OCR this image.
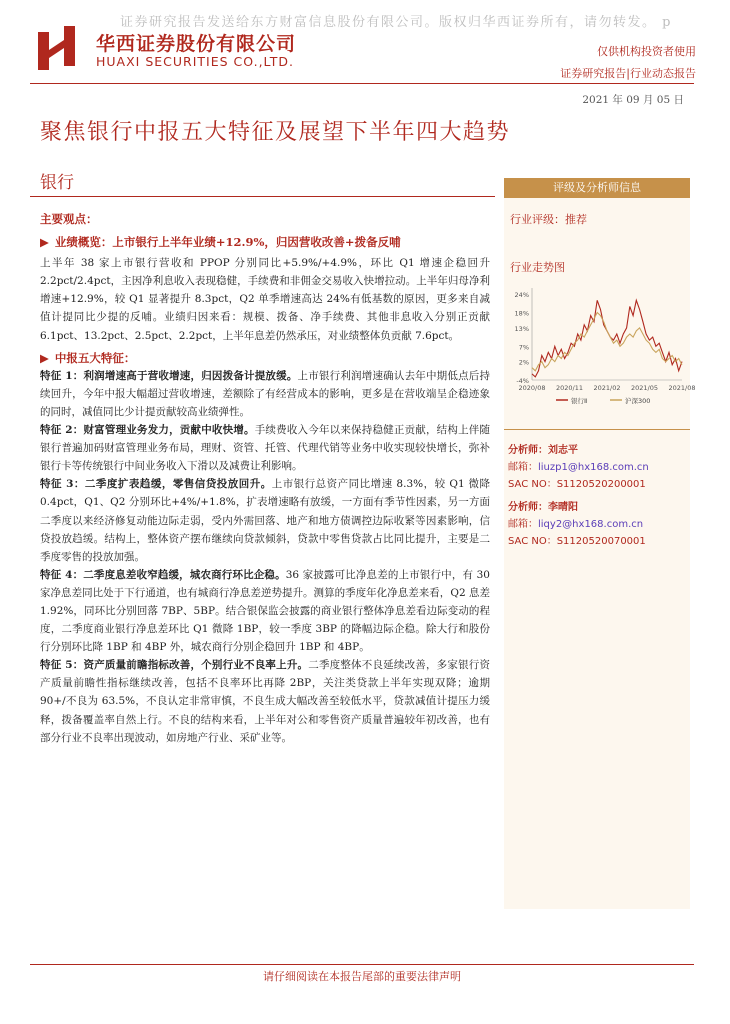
证券研究报告发送给东方财富信息股份有限公司。版权归华西证券所有，请勿转发。 p
华西证券股份有限公司
HUAXI SECURITIES CO.,LTD.
仅供机构投资者使用
证券研究报告|行业动态报告
2021 年 09 月 05 日
聚焦银行中报五大特征及展望下半年四大趋势
银行
主要观点：
▶ 业绩概览：上市银行上半年业绩+12.9%，归因营收改善+拨备反哺

上半年 38 家上市银行营收和 PPOP 分别同比+5.9%/+4.9%，环比 Q1 增速企稳回升 2.2pct/2.4pct，主因净利息收入表现稳健，手续费和非佣金交易收入快增拉动。上半年归母净利增速+12.9%，较 Q1 显著提升 8.3pct，Q2 单季增速高达 24%有低基数的原因，更多来自减值计提同比少提的反哺。业绩归因来看：规模、拨备、净手续费、其他非息收入分别正贡献 6.1pct、13.2pct、2.5pct、2.2pct，上半年息差仍然承压，对业绩整体负贡献 7.6pct。

▶ 中报五大特征：

特征 1：利润增速高于营收增速，归因拨备计提放缓。上市银行利润增速确认去年中期低点后持续回升，今年中报大幅超过营收增速，差额除了有经营成本的影响，更多是在营收端呈企稳迹象的同时，减值同比少计提贡献较高业绩弹性。

特征 2：财富管理业务发力，贡献中收快增。手续费收入今年以来保持稳健正贡献，结构上伴随银行普遍加码财富管理业务布局，理财、资管、托管、代理代销等业务中收实现较快增长，弥补银行卡等传统银行中间业务收入下滑以及减费让利影响。

特征 3：二季度扩表趋缓，零售信贷投放回升。上市银行总资产同比增速 8.3%，较 Q1 微降 0.4pct，Q1、Q2 分别环比+4%/+1.8%，扩表增速略有放缓，一方面有季节性因素，另一方面二季度以来经济修复动能边际走弱，受内外需回落、地产和地方债调控边际收紧等因素影响，信贷投放趋缓。结构上，整体资产摆布继续向贷款倾斜，贷款中零售贷款占比同比提升，主要是二季度零售的投放加强。

特征 4：二季度息差收窄趋缓，城农商行环比企稳。36 家披露可比净息差的上市银行中，有 30 家净息差同比处于下行通道，也有城商行净息差逆势提升。测算的季度年化净息差来看，Q2 息差 1.92%，同环比分别回落 7BP、5BP。结合银保监会披露的商业银行整体净息差看边际变动的程度，二季度商业银行净息差环比 Q1 微降 1BP，较一季度 3BP 的降幅边际企稳。除大行和股份行分别环比降 1BP 和 4BP 外，城农商行分别企稳回升 1BP 和 4BP。

特征 5：资产质量前瞻指标改善，个别行业不良率上升。二季度整体不良延续改善，多家银行资产质量前瞻性指标继续改善，包括不良率环比再降 2BP，关注类贷款上半年实现双降；逾期 90+/不良为 63.5%，不良认定非常审慎，不良生成大幅改善至较低水平，贷款减值计提压力缓释，拨备覆盖率自然上行。不良的结构来看，上半年对公和零售资产质量普遍较年初改善，也有部分行业不良率出现波动，如房地产行业、采矿业等。

评级及分析师信息
行业评级：推荐
行业走势图
-4%
2%
7%
13%
18%
24%
2020/08 2020/11 2021/02 2021/05 2021/08
银行Ⅱ	沪深300
分析师：刘志平
邮箱：liuzp1@hx168.com.cn
SAC NO：S1120520200001
分析师：李晴阳
邮箱：liqy2@hx168.com.cn
SAC NO：S1120520070001
请仔细阅读在本报告尾部的重要法律声明
